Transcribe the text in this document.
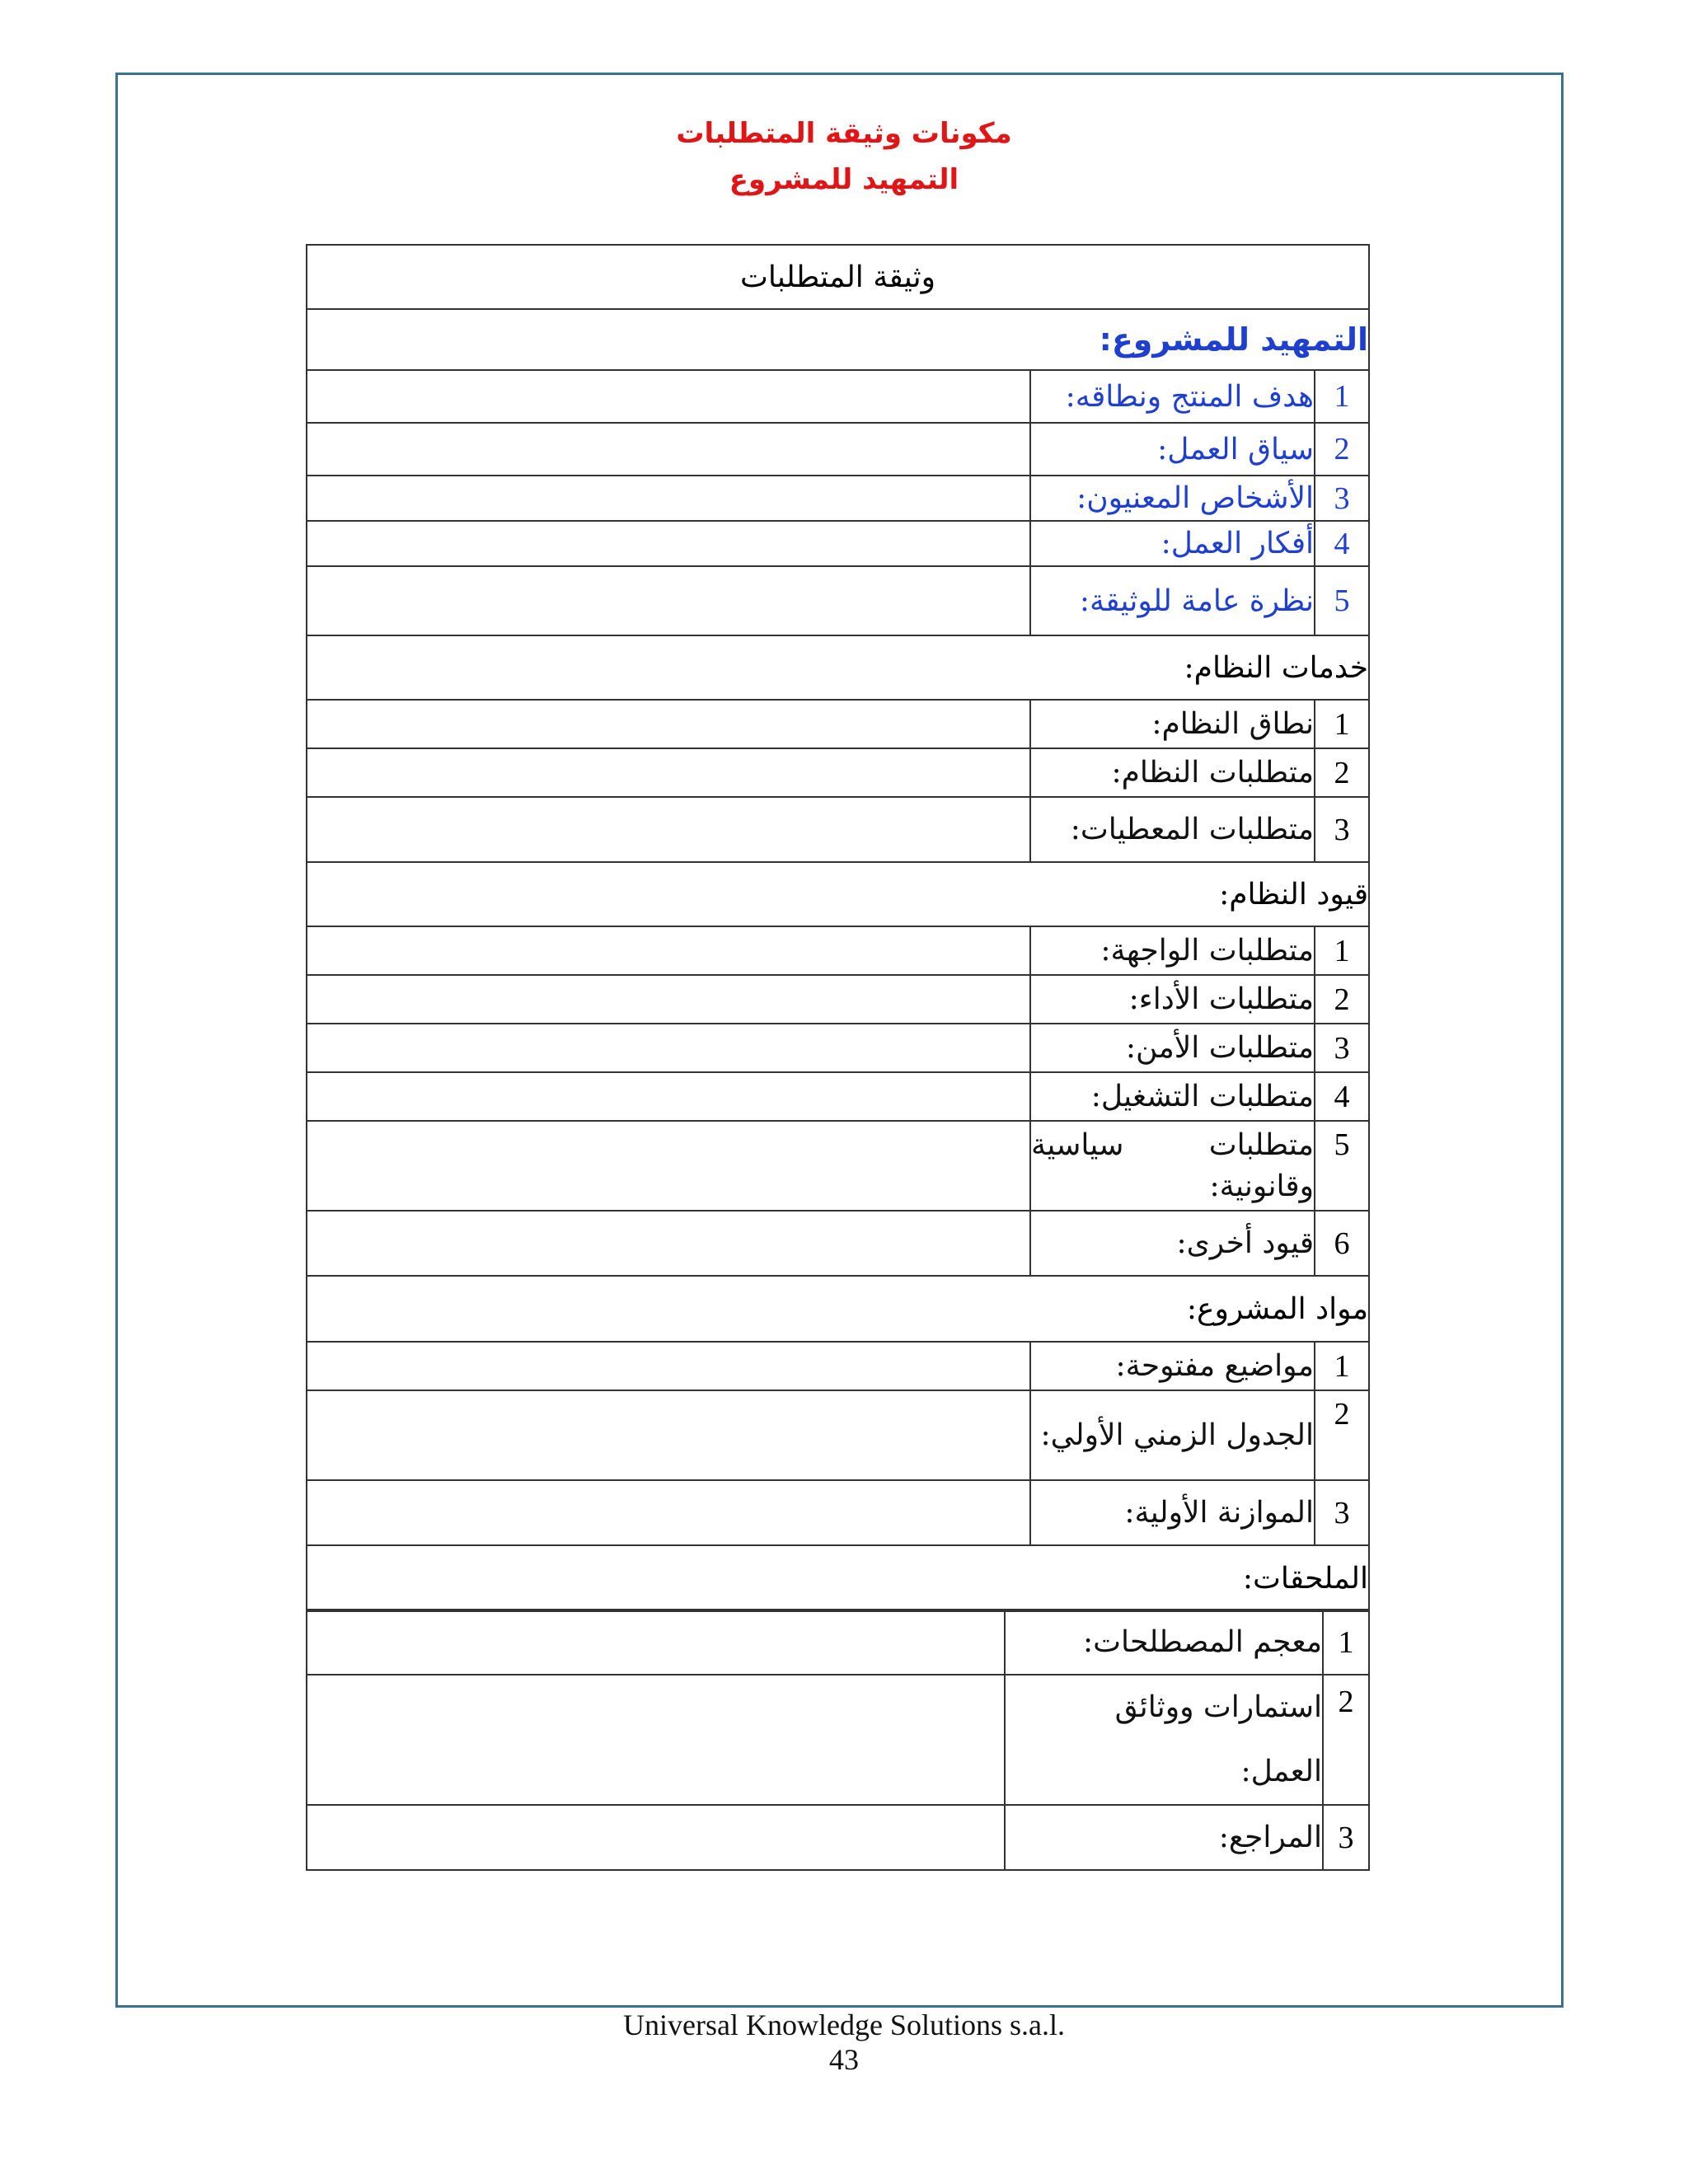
مكونات وثيقة المتطلبات
التمهيد للمشروع
وثيقة المتطلبات		
التمهيد للمشروع:		
1	هدف المنتج ونطاقه:	
2	سياق العمل:	
3	الأشخاص المعنيون:	
4	أفكار العمل:	
5	نظرة عامة للوثيقة:	
خدمات النظام:		
1	نطاق النظام:	
2	متطلبات النظام:	
3	متطلبات المعطيات:	
قيود النظام:		
1	متطلبات الواجهة:	
2	متطلبات الأداء:	
3	متطلبات الأمن:	
4	متطلبات التشغيل:	
5	متطلبات سياسية وقانونية:	
6	قيود أخرى:	
مواد المشروع:		
1	مواضيع مفتوحة:	
2	الجدول الزمني الأولي:	
3	الموازنة الأولية:	
الملحقات:		
1	معجم المصطلحات:	
2	استمارات ووثائق العمل:	
3	المراجع:	
Universal Knowledge Solutions s.a.l.
43
